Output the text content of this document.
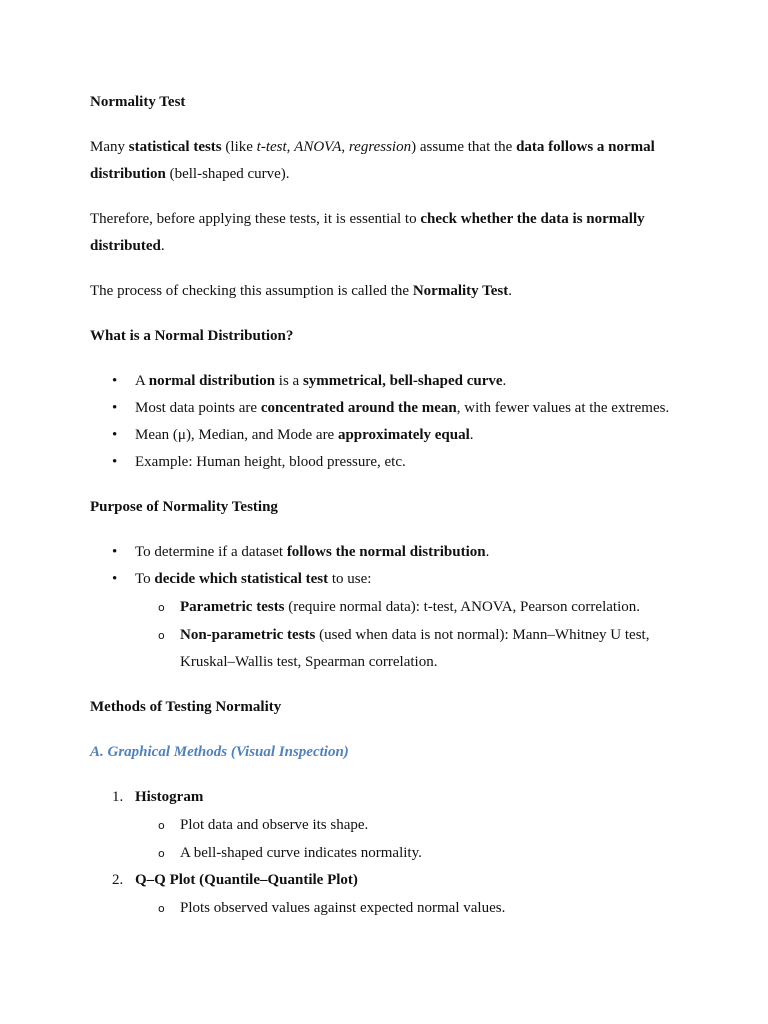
Normality Test
Many statistical tests (like t-test, ANOVA, regression) assume that the data follows a normal distribution (bell-shaped curve).
Therefore, before applying these tests, it is essential to check whether the data is normally distributed.
The process of checking this assumption is called the Normality Test.
What is a Normal Distribution?
• A normal distribution is a symmetrical, bell-shaped curve.
• Most data points are concentrated around the mean, with fewer values at the extremes.
• Mean (μ), Median, and Mode are approximately equal.
• Example: Human height, blood pressure, etc.
Purpose of Normality Testing
• To determine if a dataset follows the normal distribution.
• To decide which statistical test to use:
o Parametric tests (require normal data): t-test, ANOVA, Pearson correlation.
o Non-parametric tests (used when data is not normal): Mann–Whitney U test, Kruskal–Wallis test, Spearman correlation.
Methods of Testing Normality
A. Graphical Methods (Visual Inspection)
1. Histogram
o Plot data and observe its shape.
o A bell-shaped curve indicates normality.
2. Q–Q Plot (Quantile–Quantile Plot)
o Plots observed values against expected normal values.
